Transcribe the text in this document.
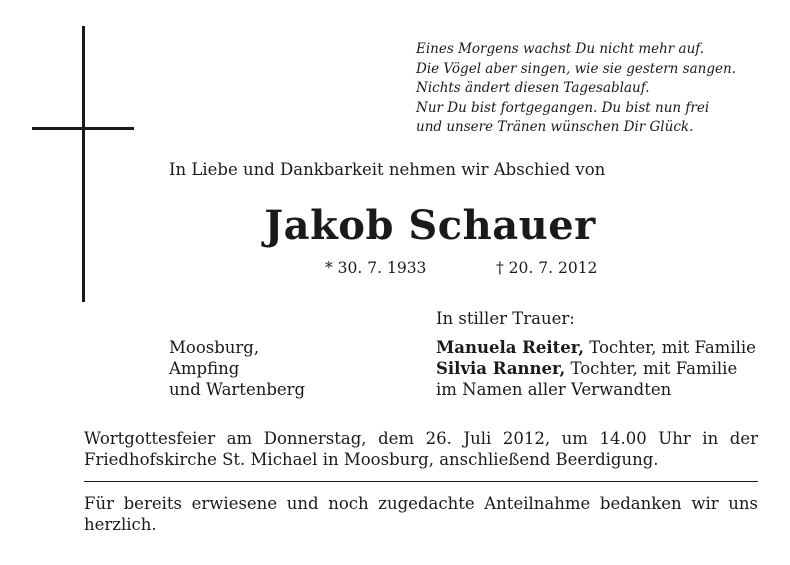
Eines Morgens wachst Du nicht mehr auf.
Die Vögel aber singen, wie sie gestern sangen.
Nichts ändert diesen Tagesablauf.
Nur Du bist fortgegangen. Du bist nun frei
und unsere Tränen wünschen Dir Glück.
In Liebe und Dankbarkeit nehmen wir Abschied von
Jakob Schauer
* 30. 7. 1933	† 20. 7. 2012
In stiller Trauer:
Moosburg,
Ampfing
und Wartenberg
Manuela Reiter, Tochter, mit Familie
Silvia Ranner, Tochter, mit Familie
im Namen aller Verwandten
Wortgottesfeier am Donnerstag, dem 26. Juli 2012, um 14.00 Uhr in der
Friedhofskirche St. Michael in Moosburg, anschließend Beerdigung.
Für bereits erwiesene und noch zugedachte Anteilnahme bedanken wir uns
herzlich.
